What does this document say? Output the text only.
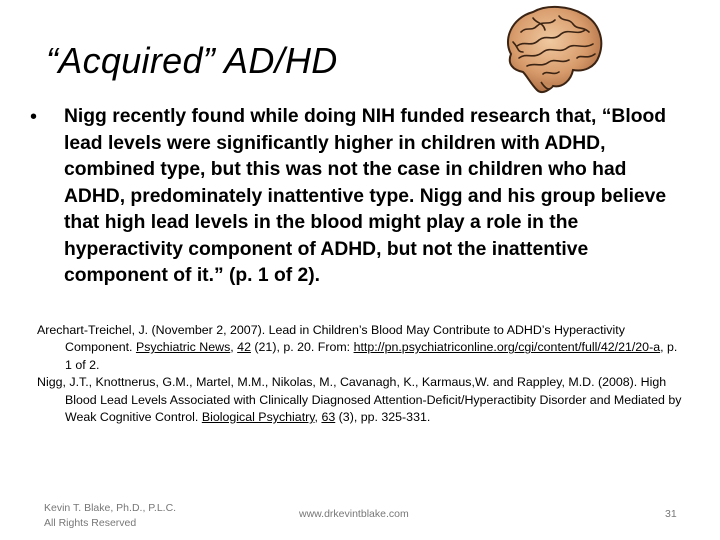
“Acquired” AD/HD
• Nigg recently found while doing NIH funded research that, “Blood lead levels were significantly higher in children with ADHD, combined type, but this was not the case in children who had ADHD, predominately inattentive type. Nigg and his group believe that high lead levels in the blood might play a role in the hyperactivity component of ADHD, but not the inattentive component of it.” (p. 1 of 2).

Arechart-Treichel, J. (November 2, 2007). Lead in Children’s Blood May Contribute to ADHD’s Hyperactivity Component. Psychiatric News, 42 (21), p. 20. From: http://pn.psychiatriconline.org/cgi/content/full/42/21/20-a, p. 1 of 2.

Nigg, J.T., Knottnerus, G.M., Martel, M.M., Nikolas, M., Cavanagh, K., Karmaus,W. and Rappley, M.D. (2008). High Blood Lead Levels Associated with Clinically Diagnosed Attention-Deficit/Hyperactibity Disorder and Mediated by Weak Cognitive Control. Biological Psychiatry, 63 (3), pp. 325-331.

Kevin T. Blake, Ph.D., P.L.C.
All Rights Reserved
www.drkevintblake.com	31
